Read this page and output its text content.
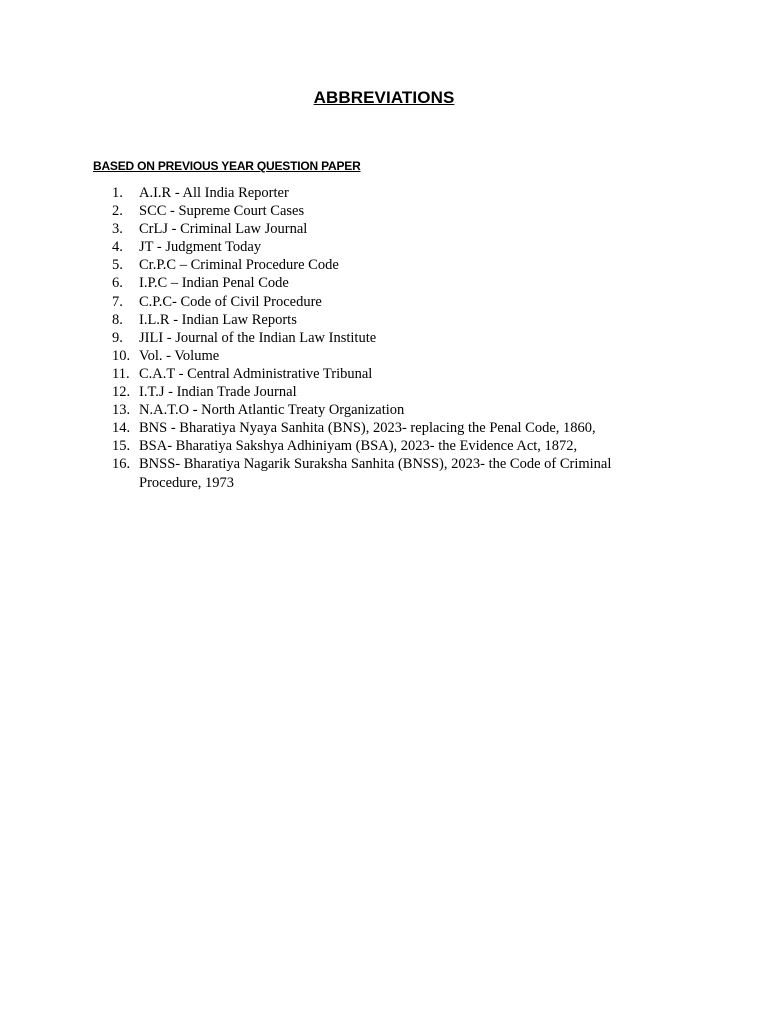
ABBREVIATIONS
BASED ON PREVIOUS YEAR QUESTION PAPER
1. A.I.R - All India Reporter
2. SCC - Supreme Court Cases
3. CrLJ - Criminal Law Journal
4. JT - Judgment Today
5. Cr.P.C – Criminal Procedure Code
6. I.P.C – Indian Penal Code
7. C.P.C- Code of Civil Procedure
8. I.L.R - Indian Law Reports
9. JILI - Journal of the Indian Law Institute
10. Vol. - Volume
11. C.A.T - Central Administrative Tribunal
12. I.T.J - Indian Trade Journal
13. N.A.T.O - North Atlantic Treaty Organization
14. BNS - Bharatiya Nyaya Sanhita (BNS), 2023- replacing the Penal Code, 1860,
15. BSA- Bharatiya Sakshya Adhiniyam (BSA), 2023- the Evidence Act, 1872,
16. BNSS- Bharatiya Nagarik Suraksha Sanhita (BNSS), 2023- the Code of Criminal Procedure, 1973
